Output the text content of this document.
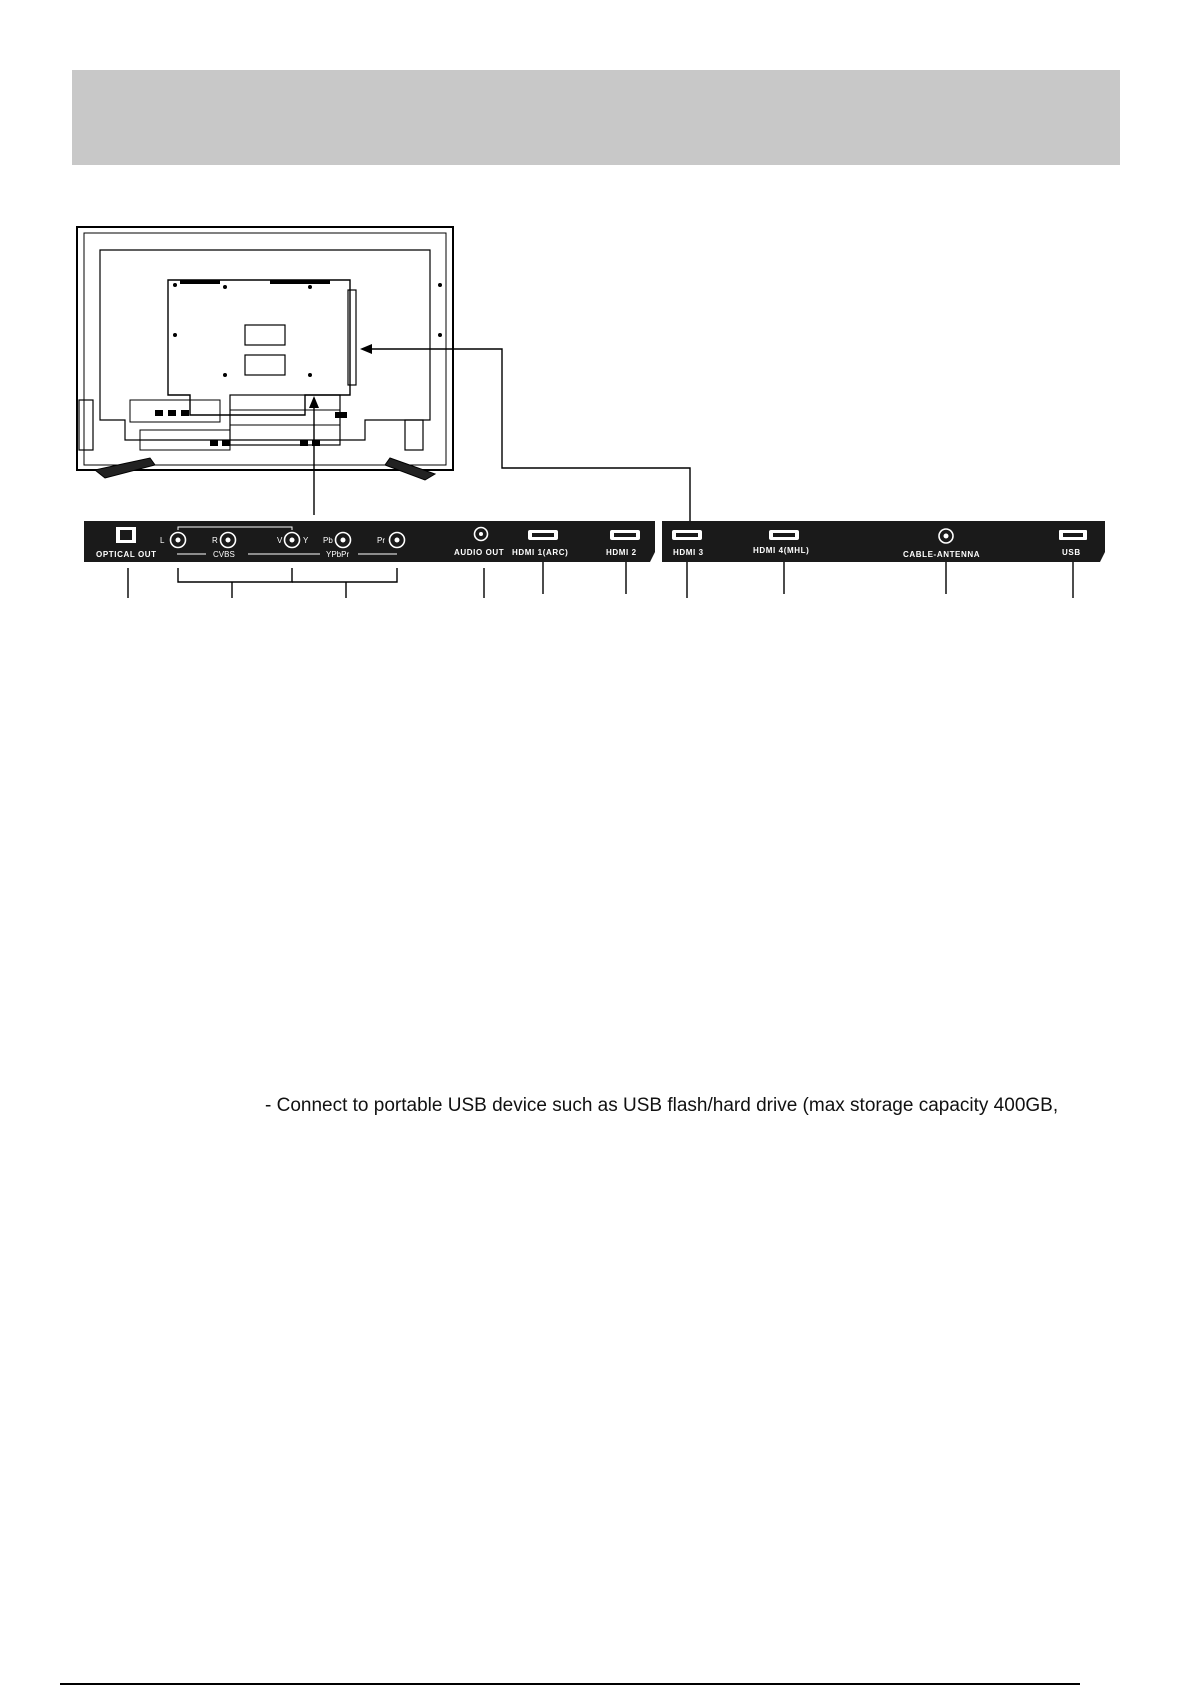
OPTICAL OUT
L	R	V	Y Pb	Pr
CVBS	YPbPr	AUDIO OUT HDMI 1(ARC)	HDMI 2	HDMI 3	HDMI 4(MHL)	CABLE-ANTENNA	USB

- Connect to portable USB device such as USB flash/hard drive (max storage capacity 400GB,
